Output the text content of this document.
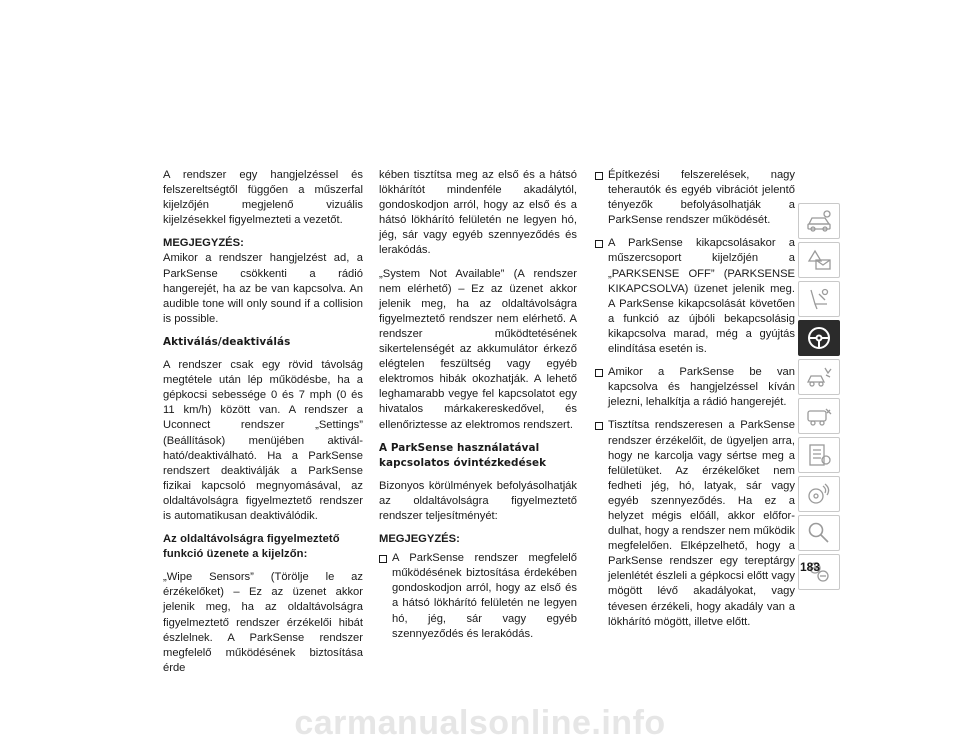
A rendszer egy hangjelzéssel és felszereltségtől függően a műszerfal kijelzőjén megjelenő vizuális kijelzésekkel figyelmezteti a vezetőt.

MEGJEGYZÉS:

Amikor a rendszer hangjelzést ad, a ParkSense csökkenti a rádió hangerejét, ha az be van kapcsolva. An audible tone will only sound if a collision is possible.

Aktiválás/deaktiválás

A rendszer csak egy rövid távolság megtétele után lép működésbe, ha a gépkocsi sebessége 0 és 7 mph (0 és 11 km/h) között van. A rendszer a Uconnect rendszer „Settings” (Beállítások) menüjében aktiválható/deaktiválható. Ha a ParkSense rendszert deaktiválják a ParkSense fizikai kapcsoló megnyomásával, az oldaltávolságra figyelmeztető rendszer is automatikusan deaktiválódik.

Az oldaltávolságra figyelmeztető funkció üzenete a kijelzőn:

„Wipe Sensors” (Törölje le az érzékelőket) – Ez az üzenet akkor jelenik meg, ha az oldaltávolságra figyelmeztető rendszer érzékelői hibát észlelnek. A ParkSense rendszer megfelelő működésének biztosítása érde

kében tisztítsa meg az első és a hátsó lökhárítót mindenféle akadálytól, gondoskodjon arról, hogy az első és a hátsó lökhárító felületén ne legyen hó, jég, sár vagy egyéb szennyeződés és lerakódás.

„System Not Available” (A rendszer nem elérhető) – Ez az üzenet akkor jelenik meg, ha az oldaltávolságra figyelmeztető rendszer nem elérhető. A rendszer működtetésének sikertelenségét az akkumulátor érkező elégtelen feszültség vagy egyéb elektromos hibák okozhatják. A lehető leghamarabb vegye fel kapcsolatot egy hivatalos márkakereskedővel, és ellenőriztesse az elektromos rendszert.

A ParkSense használatával kapcsolatos óvintézkedések

Bizonyos körülmények befolyásolhatják az oldaltávolságra figyelmeztető rendszer teljesítményét:

MEGJEGYZÉS:
A ParkSense rendszer megfelelő működésének biztosítása érdekében gondoskodjon arról, hogy az első és a hátsó lökhárító felületén ne legyen hó, jég, sár vagy egyéb szennyeződés és lerakódás.
Építkezési felszerelések, nagy teherautók és egyéb vibrációt jelentő tényezők befolyásolhatják a ParkSense rendszer működését.
A ParkSense kikapcsolásakor a műszercsoport kijelzőjén a „PARKSENSE OFF” (PARKSENSE KIKAPCSOLVA) üzenet jelenik meg. A ParkSense kikapcsolását követően a funkció az újbóli bekapcsolásig kikapcsolva marad, még a gyújtás elindítása esetén is.
Amikor a ParkSense be van kapcsolva és hangjelzéssel kíván jelezni, lehalkítja a rádió hangerejét.
Tisztítsa rendszeresen a ParkSense rendszer érzékelőit, de ügyeljen arra, hogy ne karcolja vagy sértse meg a felületüket. Az érzékelőket nem fedheti jég, hó, latyak, sár vagy egyéb szennyeződés. Ha ez a helyzet mégis előáll, akkor előfordulhat, hogy a rendszer nem működik megfelelően. Elképzelhető, hogy a ParkSense rendszer egy tereptárgy jelenlétét észleli a gépkocsi előtt vagy mögött lévő akadályokat, vagy tévesen érzékeli, hogy akadály van a lökhárító mögött, illetve előtt.
183
carmanualsonline.info
